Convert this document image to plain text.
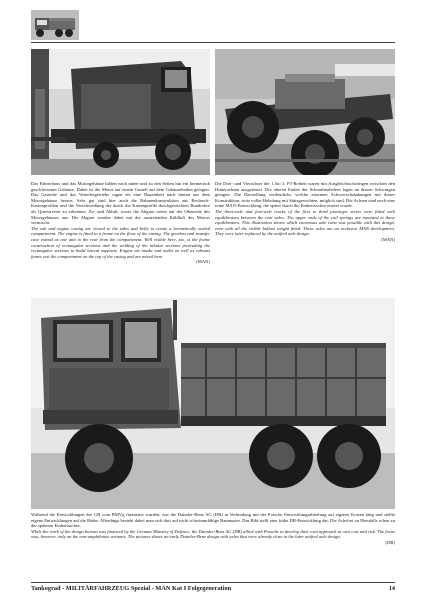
Das Fahrerhaus und das Motorgehäuse bilden nach unten und zu den Seiten hin ein hermetisch geschlossenes Gehäuse. Dabei ist der Motor auf einem Gestell auf dem Gehäuseboden gelagert. Das Getriebe und das Verteilergetriebe ragen als eine Baueinheit nach hinten aus dem Motorgehäuse heraus. Sehr gut sind hier auch die Rahmenkonstruktion aus Rechteck-Kastenprofilen und die Verschweißung der durch die Kastenprofile durchgesteckten Rundrohre als Querstreven zu erkennen. Zu- und Abluft, sowie die Abgase treten auf der Oberseite des Motorgehäuses aus. Die Abgase werden dabei mit der austretenden Kühlluft des Motors vermischt.
The cab and engine casing are closed to the sides and belly to create a hermetically sealed compartment. The engine is fitted to a frame on the floor of the casing. The gearbox and transfer case extend as one unit to the rear from the compartment. Well visible here, too, is the frame construction of rectangular sections and the welding of the tubular sections protruding the rectangular sections to build lateral supports. Engine air intake and outlet as well as exhaust fumes exit the compartment on the top of the casing and are mixed here.
(MAN)

Die Drei- und Vierachser der 1,5to 3. PT-Reihen waren mit Ausgleichsschwingen zwischen den Hinterachsen ausgerüstet. Die oberen Enden der Schraubenfedern lagen an diesen Schwingen gelagert. Die Darstellung verdeutlicht, welche enormen Achsverschränkungen mit dieser Konstruktion, trotz voller Beladung mit Stützgewichten, möglich sind. Die Achsen sind noch eine reine MAN-Entwicklung, die später durch die Einheitsachse ersetzt wurde.
The three-axle and four-axle trucks of the first to third prototype series were fitted with equilibrators between the rear axles. The upper ends of the coil springs are mounted to these equilibrators. This illustration shows which enormous axle twist was possible with this design, even with all the visible ballast weight fitted. These axles are an exclusive MAN development. They were later replaced by the unified axle design.
(MAN)

Während die Entwicklungen des GB vom BMVg finanziert wurden, war die Daimler-Benz AG (DB) in Verbindung mit der Porsche Entwicklungsabteilung auf eigenes Kosten tätig und stellte eigene Entwicklungen auf die Räder. Allerdings besteht dabei man sich dort auf nicht schwimmfähige Baumuster. Das Bild stellt eine frühe DB-Entwicklung dar. Die Achsfrei zu Ebenfalls schon zu der späteren Einheitsachse.
While the work of the design bureau was financed by the German Ministry of Defence, the Daimler-Benz AG (DB) allied with Porsche to develop their own approach at own cost and risk. The focus was, however, only on the non-amphibious variants. The pictures shows an early Daimler-Benz design with axles that were already close to the later unified axle design.
(DB)

Tankograd - MILITÄRFAHRZEUG Spezial - MAN Kat I Folgegeneration	14
